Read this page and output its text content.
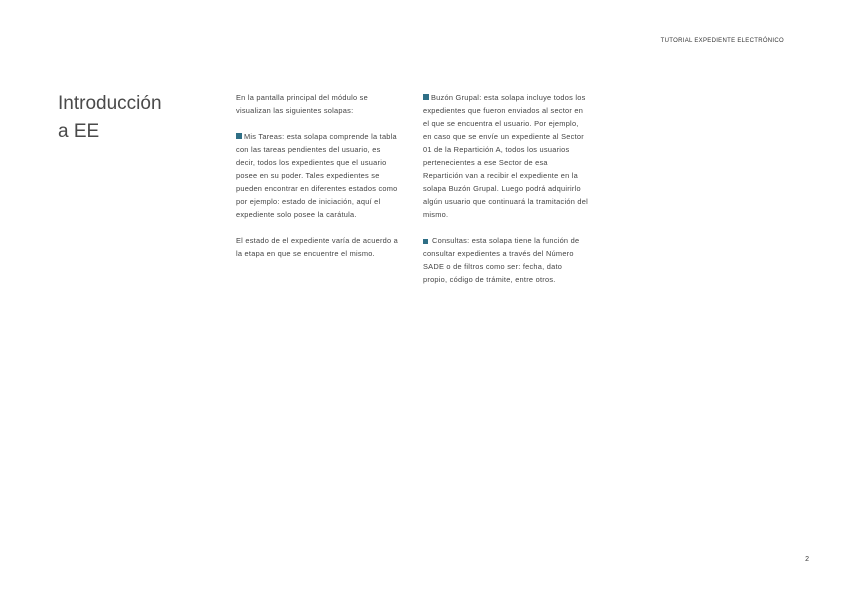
TUTORIAL EXPEDIENTE ELECTRÓNICO
Introducción
a EE

En la pantalla principal del módulo se visualizan las siguientes solapas:

Mis Tareas: esta solapa comprende la tabla con las tareas pendientes del usuario, es decir, todos los expedientes que el usuario posee en su poder. Tales expedientes se pueden encontrar en diferentes estados como por ejemplo: estado de iniciación, aquí el expediente solo posee la carátula.

El estado de el expediente varía de acuerdo a la etapa en que se encuentre el mismo.

Buzón Grupal: esta solapa incluye todos los expedientes que fueron enviados al sector en el que se encuentra el usuario. Por ejemplo, en caso que se envíe un expediente al Sector 01 de la Repartición A, todos los usuarios pertenecientes a ese Sector de esa Repartición van a recibir el expediente en la solapa Buzón Grupal. Luego podrá adquirirlo algún usuario que continuará la tramitación del mismo.

Consultas: esta solapa tiene la función de consultar expedientes a través del Número SADE o de filtros como ser: fecha, dato propio, código de trámite, entre otros.

2
